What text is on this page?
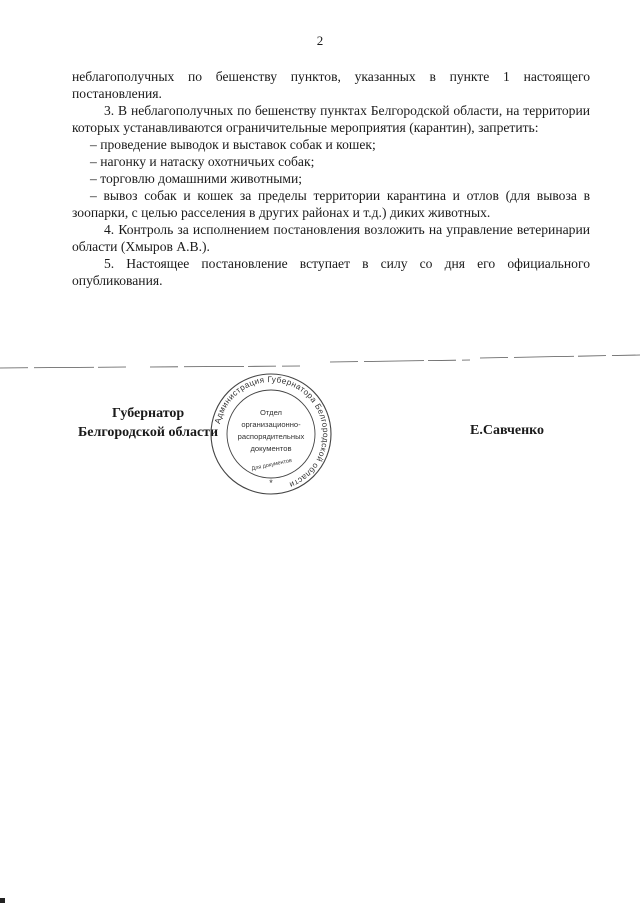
2

неблагополучных по бешенству пунктов, указанных в пункте 1 настоящего постановления.

3. В неблагополучных по бешенству пунктах Белгородской области, на территории которых устанавливаются ограничительные мероприятия (карантин), запретить:

– проведение выводок и выставок собак и кошек;

– нагонку и натаску охотничьих собак;

– торговлю домашними животными;

– вывоз собак и кошек за пределы территории карантина и отлов (для вывоза в зоопарки, с целью расселения в других районах и т.д.) диких животных.

4. Контроль за исполнением постановления возложить на управление ветеринарии области (Хмыров А.В.).

5. Настоящее постановление вступает в силу со дня его официального опубликования.

Губернатор
Белгородской области	Е.Савченко
Администрация Губернатора Белгородской области
Отдел
организационно-
распорядительных
документов
Для документов
*
